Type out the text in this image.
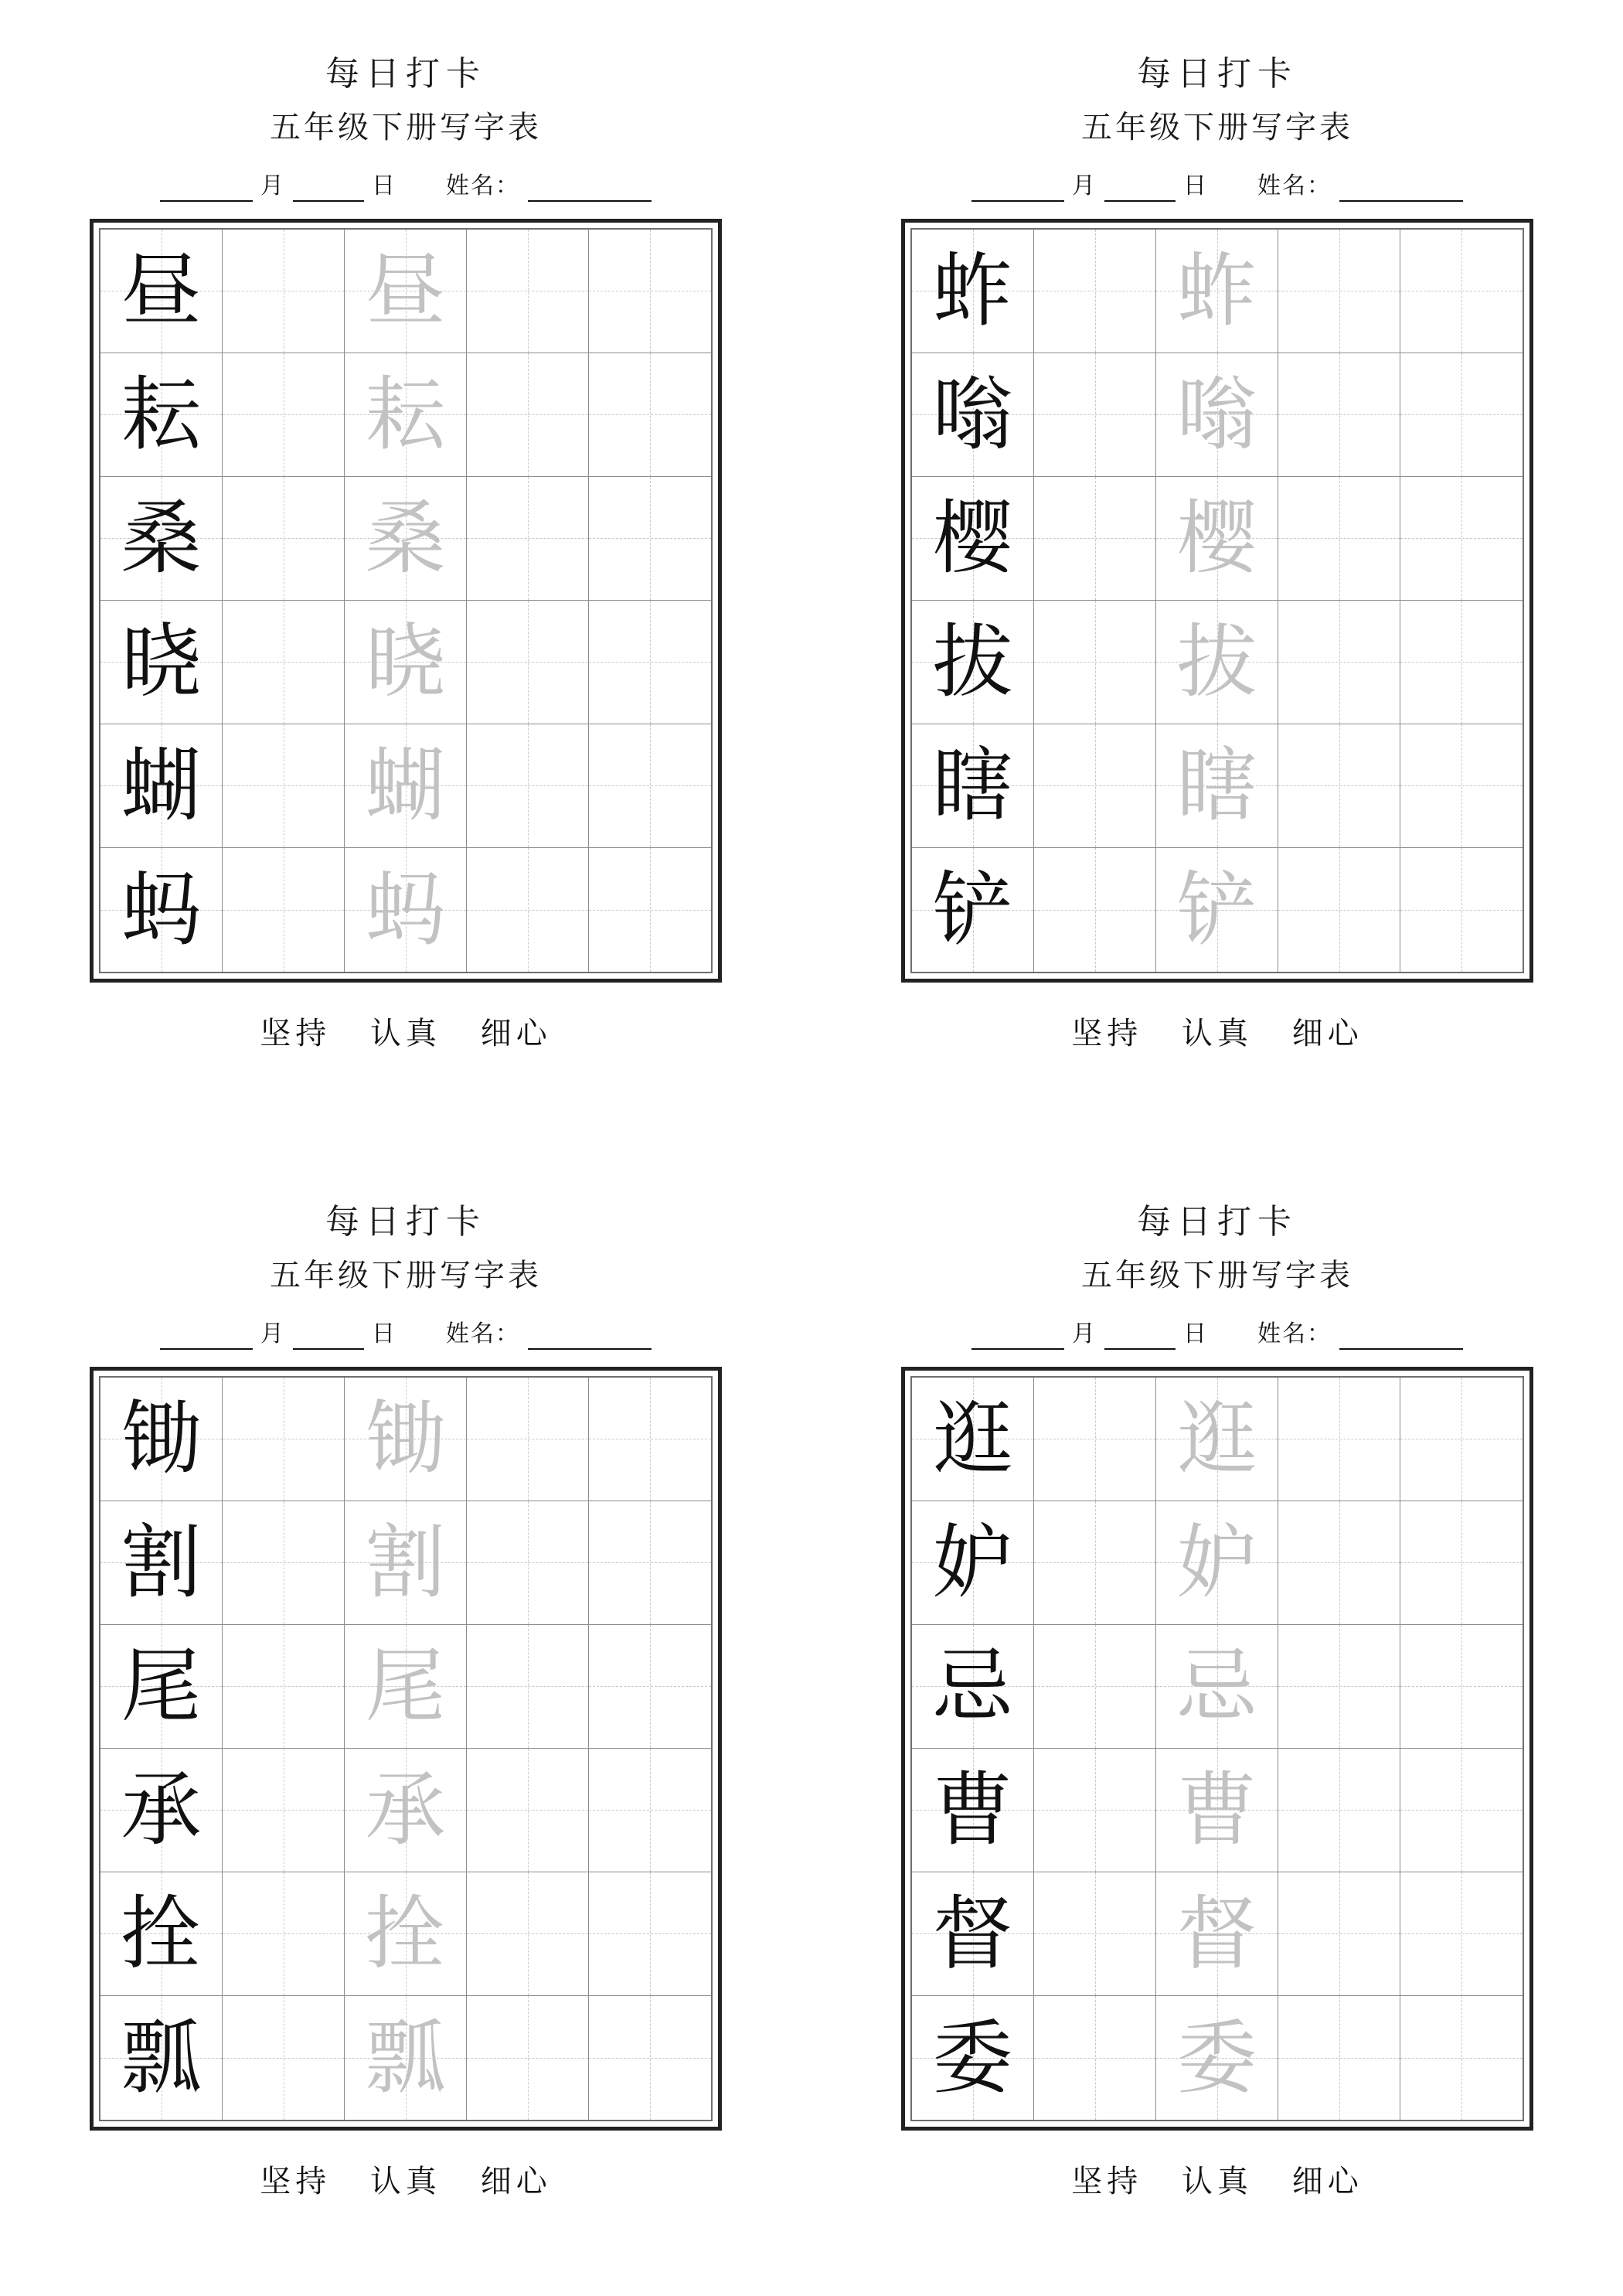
每日打卡
五年级下册写字表
月	日	姓名：
昼 昼
耘 耘
桑 桑
晓 晓
蝴 蝴
蚂 蚂
坚持 认真 细心
每日打卡
五年级下册写字表
月	日	姓名：
蚱 蚱
嗡 嗡
樱 樱
拔 拔
瞎 瞎
铲 铲
坚持 认真 细心
每日打卡
五年级下册写字表
月	日	姓名：
锄 锄
割 割
尾 尾
承 承
拴 拴
瓢 瓢
坚持 认真 细心
每日打卡
五年级下册写字表
月	日	姓名：
逛 逛
妒 妒
忌 忌
曹 曹
督 督
委 委
坚持 认真 细心
